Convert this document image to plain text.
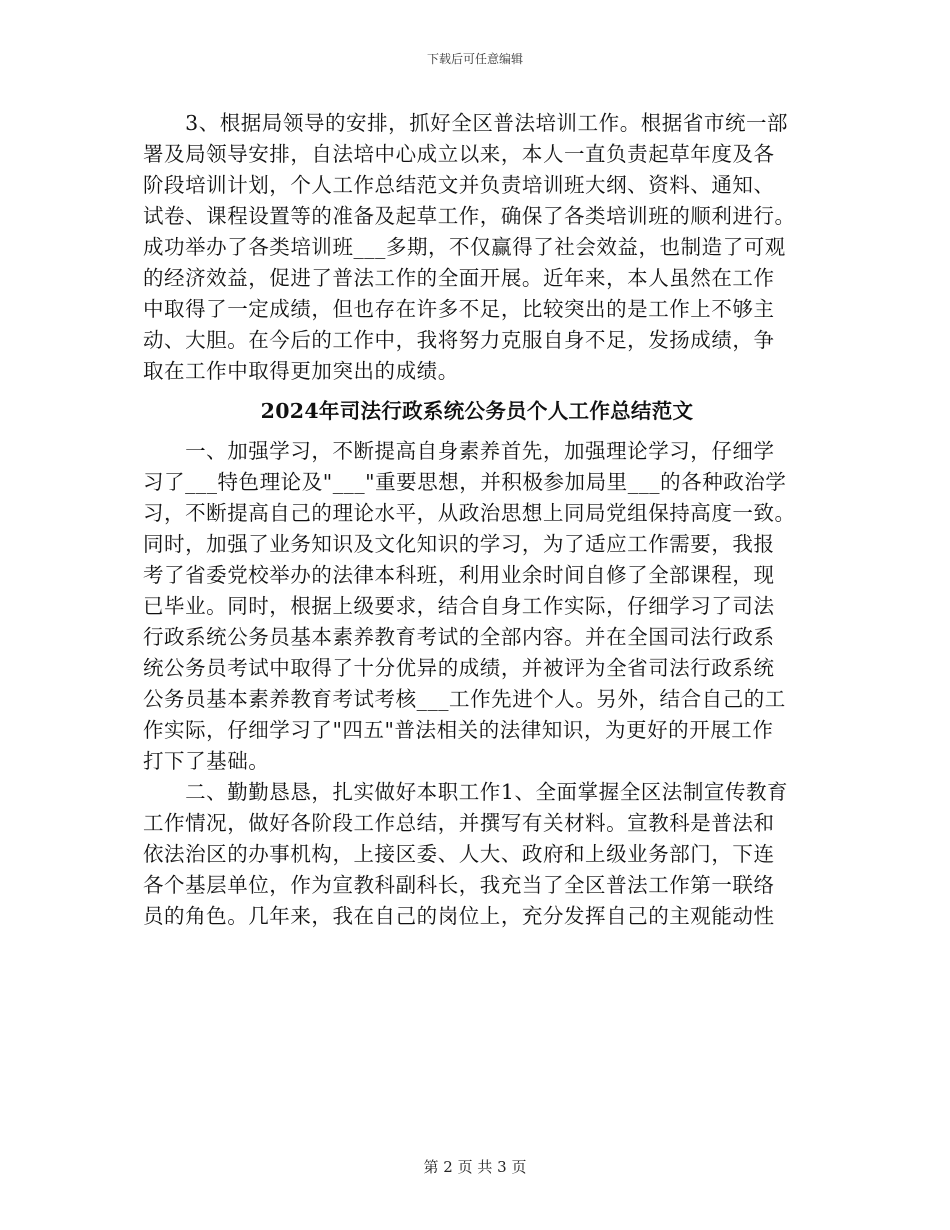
下载后可任意编辑
　　3、根据局领导的安排，抓好全区普法培训工作。根据省市统一部
署及局领导安排，自法培中心成立以来，本人一直负责起草年度及各
阶段培训计划，个人工作总结范文并负责培训班大纲、资料、通知、
试卷、课程设置等的准备及起草工作，确保了各类培训班的顺利进行。
成功举办了各类培训班___多期，不仅赢得了社会效益，也制造了可观
的经济效益，促进了普法工作的全面开展。近年来，本人虽然在工作
中取得了一定成绩，但也存在许多不足，比较突出的是工作上不够主
动、大胆。在今后的工作中，我将努力克服自身不足，发扬成绩，争
取在工作中取得更加突出的成绩。
2024年司法行政系统公务员个人工作总结范文
　　一、加强学习，不断提高自身素养首先，加强理论学习，仔细学
习了___特色理论及"___"重要思想，并积极参加局里___的各种政治学
习，不断提高自己的理论水平，从政治思想上同局党组保持高度一致。
同时，加强了业务知识及文化知识的学习，为了适应工作需要，我报
考了省委党校举办的法律本科班，利用业余时间自修了全部课程，现
已毕业。同时，根据上级要求，结合自身工作实际，仔细学习了司法
行政系统公务员基本素养教育考试的全部内容。并在全国司法行政系
统公务员考试中取得了十分优异的成绩，并被评为全省司法行政系统
公务员基本素养教育考试考核___工作先进个人。另外，结合自己的工
作实际，仔细学习了"四五"普法相关的法律知识，为更好的开展工作
打下了基础。
　　二、勤勤恳恳，扎实做好本职工作1、全面掌握全区法制宣传教育
工作情况，做好各阶段工作总结，并撰写有关材料。宣教科是普法和
依法治区的办事机构，上接区委、人大、政府和上级业务部门，下连
各个基层单位，作为宣教科副科长，我充当了全区普法工作第一联络
员的角色。几年来，我在自己的岗位上，充分发挥自己的主观能动性
第 2 页 共 3 页
